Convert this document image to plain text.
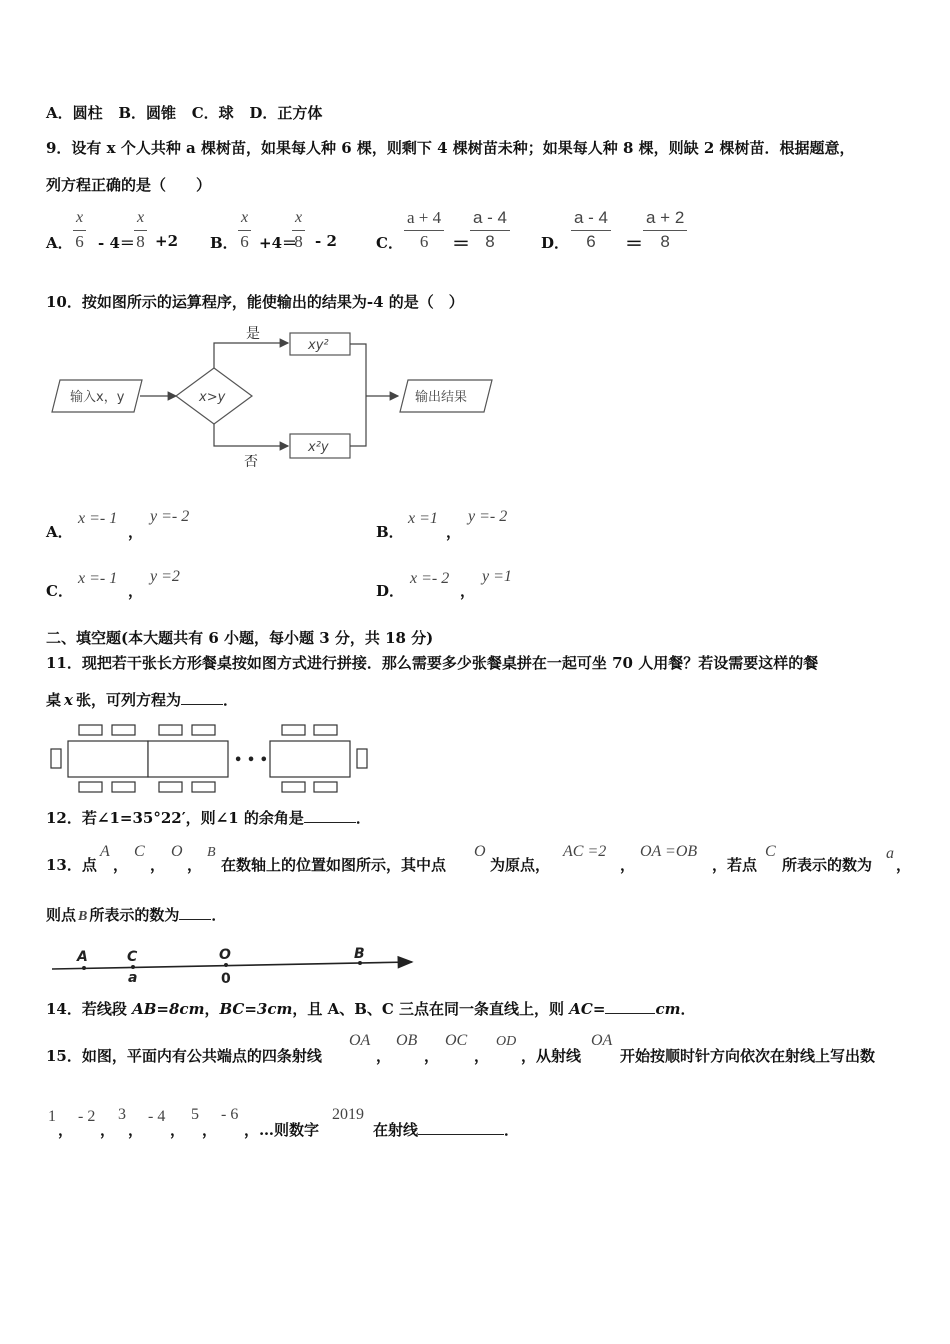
A．圆柱 B．圆锥 C．球 D．正方体
9．设有 x 个人共种 a 棵树苗，如果每人种 6 棵，则剩下 4 棵树苗未种；如果每人种 8 棵，则缺 2 棵树苗．根据题意，
列方程正确的是（　　）
A． $\frac{x}{6} - 4= \frac{x}{8} +2$ B． $\frac{x}{6} +4=$
$\frac{x}{8} - 2$	C． $\frac{a + 4}{6} = \frac{a - 4}{8}$ D． $\frac{a - 4}{6} = \frac{a + 2}{8}$
10．按如图所示的运算程序，能使输出的结果为-4 的是（　）
输入x，y	x>y
是
xy²
否
x²y
输出结果
A．
x =- 1
，
y =- 2
B．
x =1
，
y =- 2
C．
x =- 1
，
y =2
D．
x =- 2
，
y =1
二、填空题(本大题共有 6 小题，每小题 3 分，共 18 分)
11．现把若干张长方形餐桌按如图方式进行拼接．那么需要多少张餐桌拼在一起可坐 70 人用餐？若设需要这样的餐
桌 x 张，可列方程为	．
• • •
12．若∠1=35°22′，则∠1 的余角是	．
13．点
A
，
C
，
O
，
B
在数轴上的位置如图所示，其中点
O
为原点，
AC =2
，
OA =OB
，若点
C
所表示的数为
a
，
则点 B 所表示的数为 ．
A	C	O	B
a	0
14．若线段 AB=8cm，BC=3cm，且 A、B、C 三点在同一条直线上，则 AC=	cm．
15．如图，平面内有公共端点的四条射线
OA
，
OB
，
OC
，
OD
，从射线
OA
开始按顺时针方向依次在射线上写出数
1
，
- 2
，
3
，
- 4
，
5
，
- 6
，…则数字
2019
在射线	．
